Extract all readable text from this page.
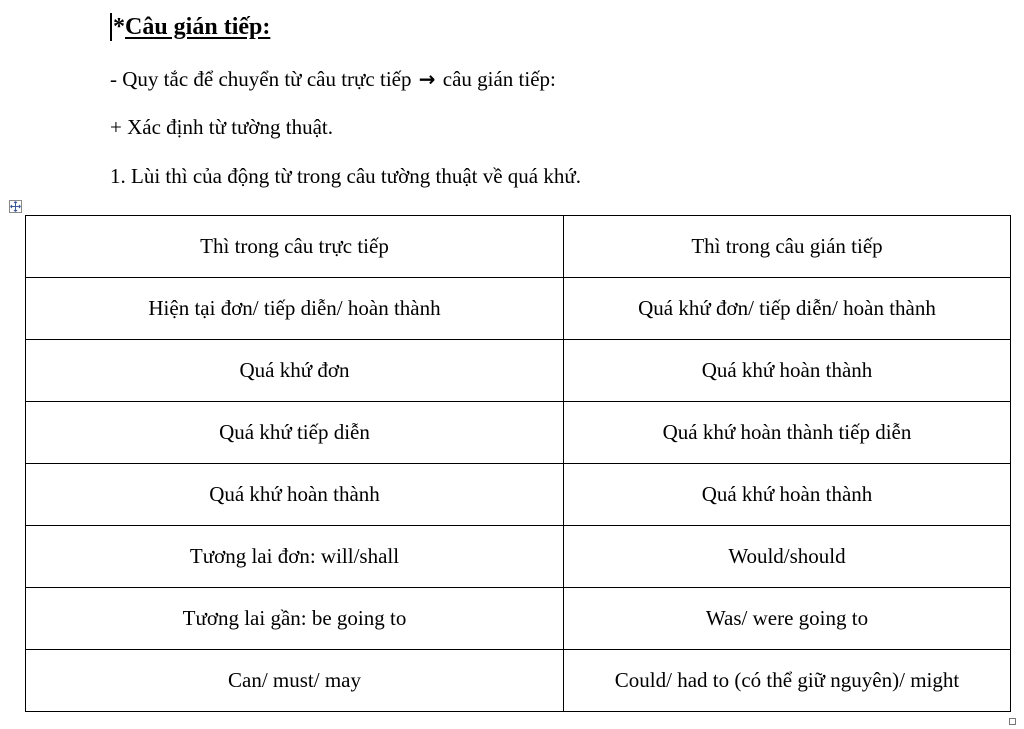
*Câu gián tiếp:
- Quy tắc để chuyển từ câu trực tiếp → câu gián tiếp:
+ Xác định từ tường thuật.
1. Lùi thì của động từ trong câu tường thuật về quá khứ.
Thì trong câu trực tiếp	Thì trong câu gián tiếp
Hiện tại đơn/ tiếp diễn/ hoàn thành	Quá khứ đơn/ tiếp diễn/ hoàn thành
Quá khứ đơn	Quá khứ hoàn thành
Quá khứ tiếp diễn	Quá khứ hoàn thành tiếp diễn
Quá khứ hoàn thành	Quá khứ hoàn thành
Tương lai đơn: will/shall	Would/should
Tương lai gần: be going to	Was/ were going to
Can/ must/ may	Could/ had to (có thể giữ nguyên)/ might
